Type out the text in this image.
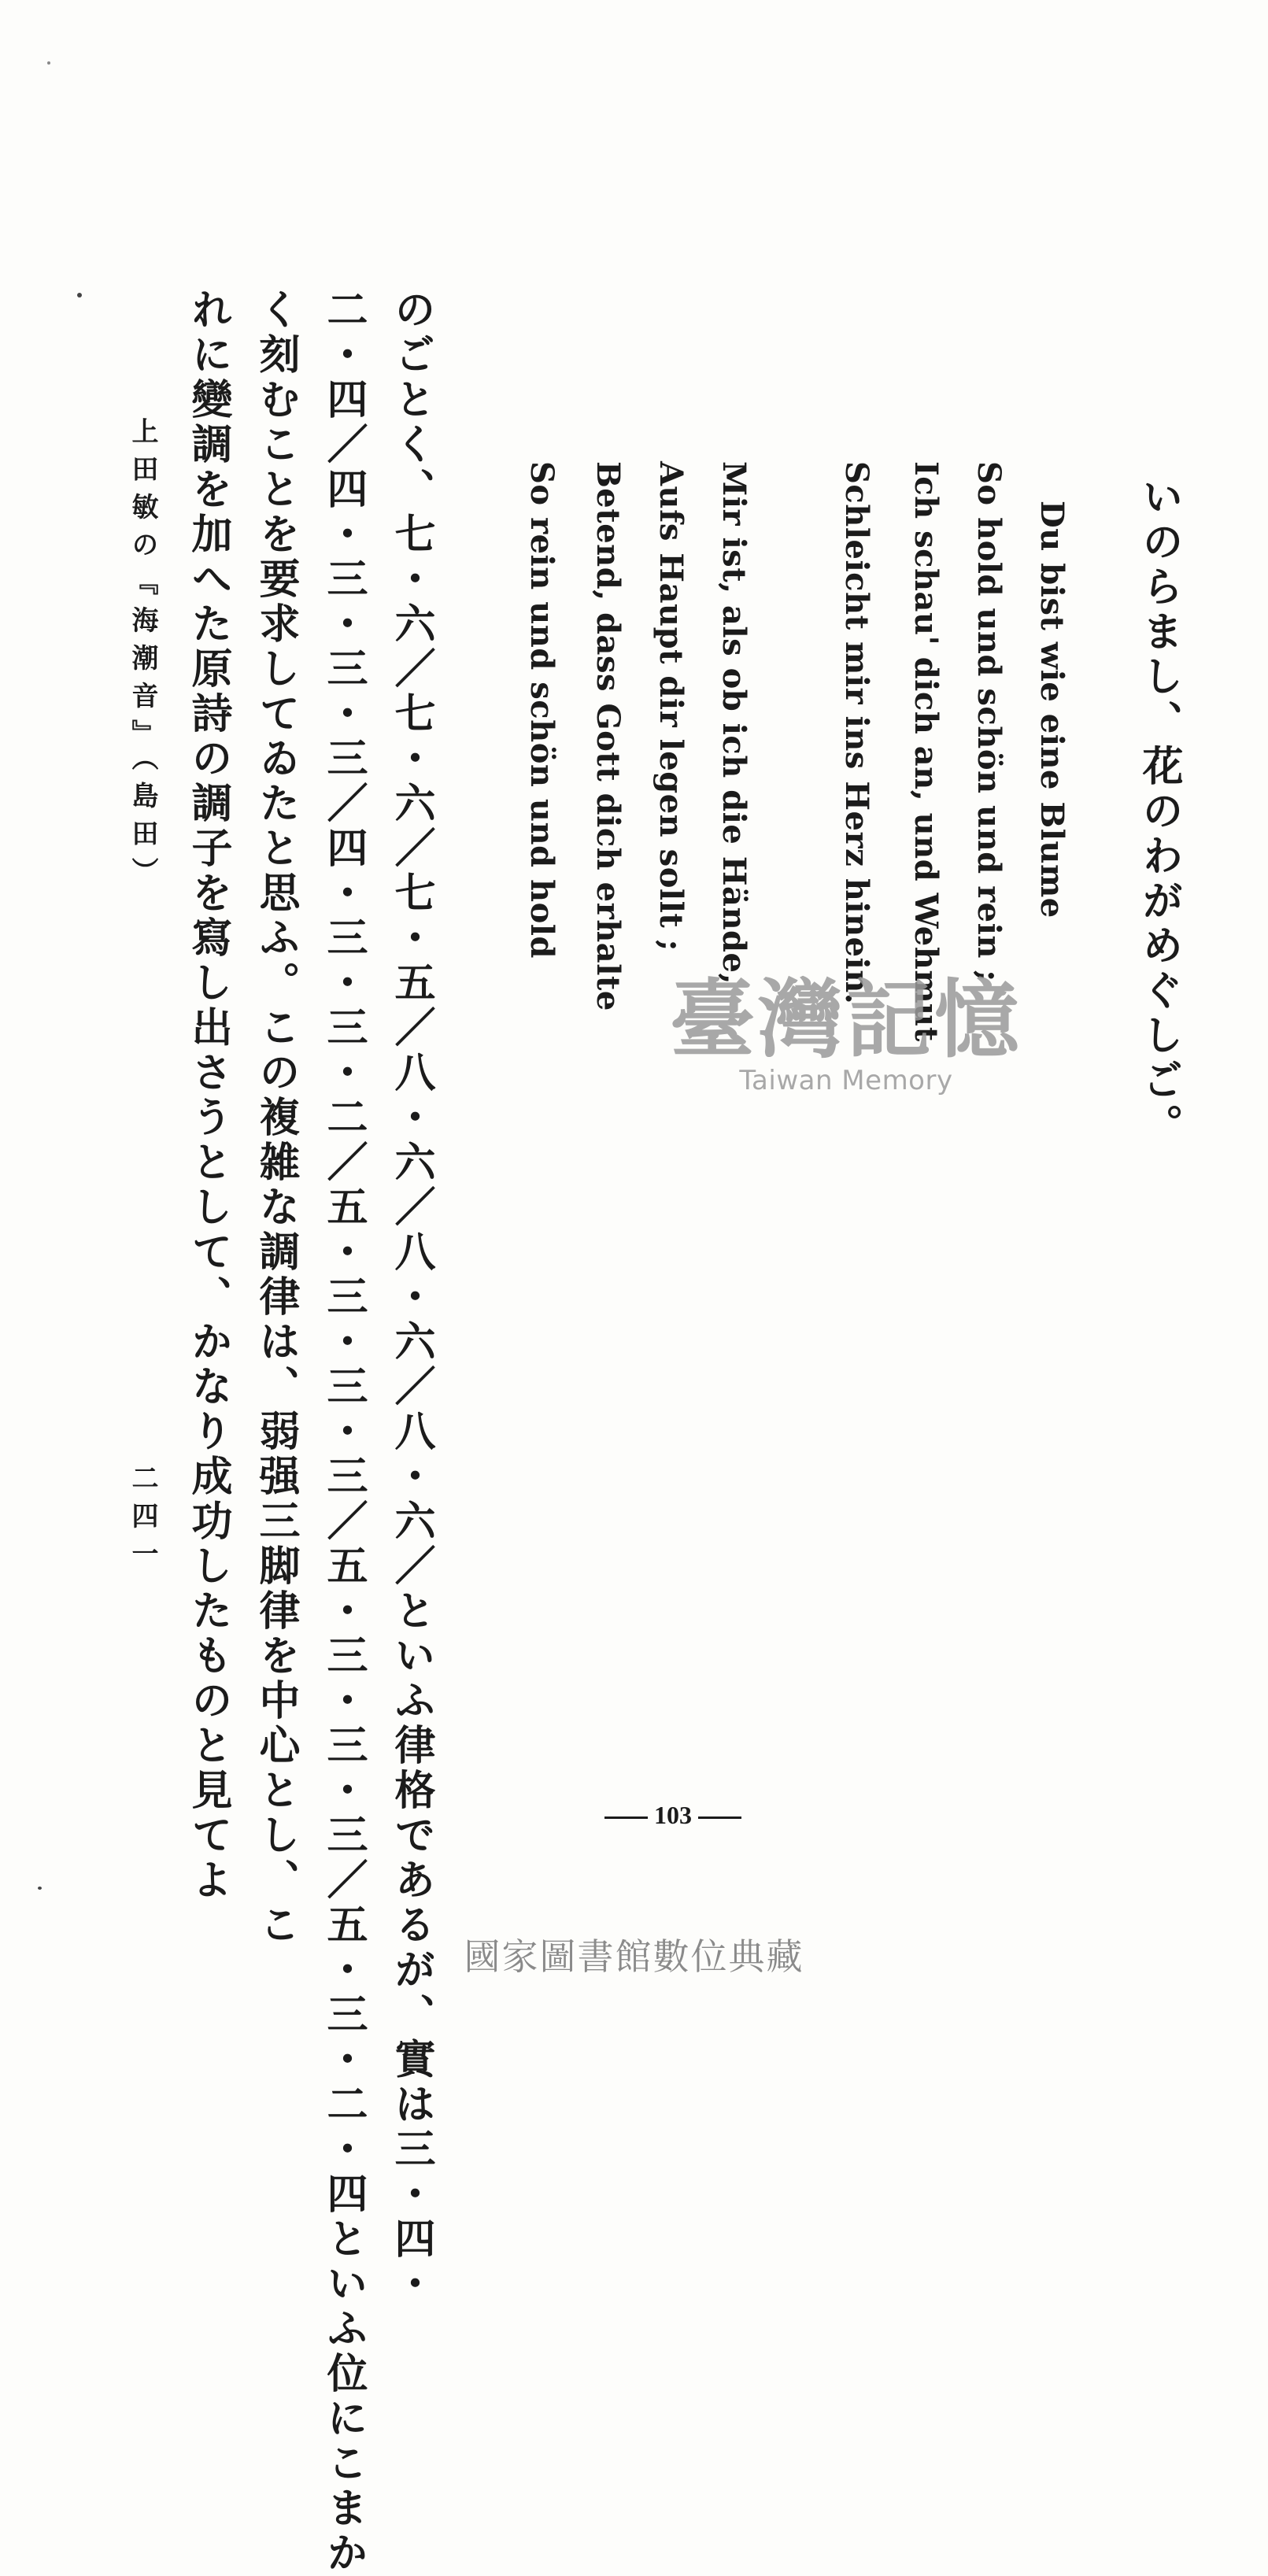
いのらまし、花のわがめぐしご。
Du bist wie eine Blume
So hold und schön und rein ;
Ich schau' dich an, und Wehmut
Schleicht mir ins Herz hinein.
Mir ist, als ob ich die Hände,
Aufs Haupt dir legen sollt ;
Betend, dass Gott dich erhalte
So rein und schön und hold
のごとく、七・六／七・六／七・五／八・六／八・六／八・六／といふ律格であるが、實は三・四・
二・四／四・三・三・三／四・三・三・二／五・三・三・三／五・三・三・三／五・三・二・四といふ位にこまか
く刻むことを要求してゐたと思ふ。この複雑な調律は、弱强三脚律を中心とし、こ
れに變調を加へた原詩の調子を寫し出さうとして、かなり成功したものと見てよ
上田敏の『海潮音』（島田）
二四一
臺灣記憶
Taiwan Memory
103
國家圖書館數位典藏
